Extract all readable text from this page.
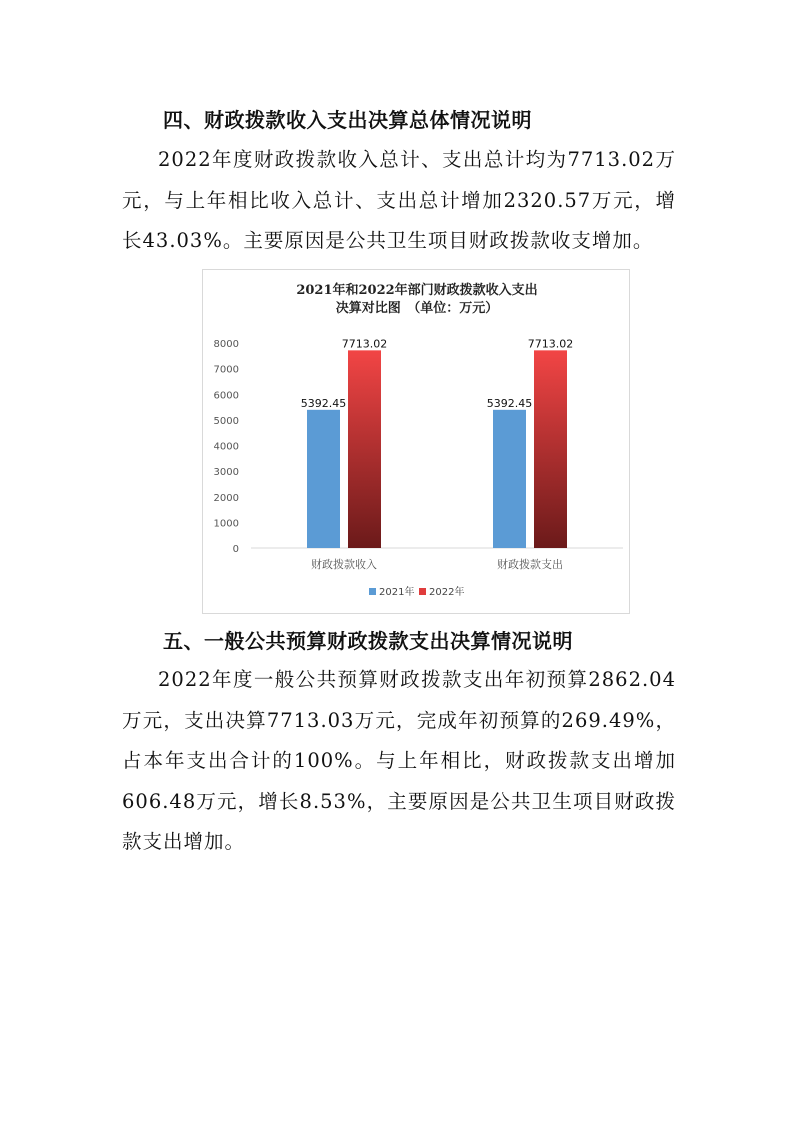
四、财政拨款收入支出决算总体情况说明
2022年度财政拨款收入总计、支出总计均为7713.02万元，与上年相比收入总计、支出总计增加2320.57万元，增长43.03%。主要原因是公共卫生项目财政拨款收支增加。
2021年和2022年部门财政拨款收入支出
决算对比图　（单位：万元）
0
1000
2000
3000
4000
5000
6000
7000
8000
5392.45
7713.02
财政拨款收入
5392.45
7713.02
财政拨款支出
2021年 2022年
五、一般公共预算财政拨款支出决算情况说明
2022年度一般公共预算财政拨款支出年初预算2862.04万元，支出决算7713.03万元，完成年初预算的269.49%，占本年支出合计的100%。与上年相比，财政拨款支出增加606.48万元，增长8.53%，主要原因是公共卫生项目财政拨款支出增加。
